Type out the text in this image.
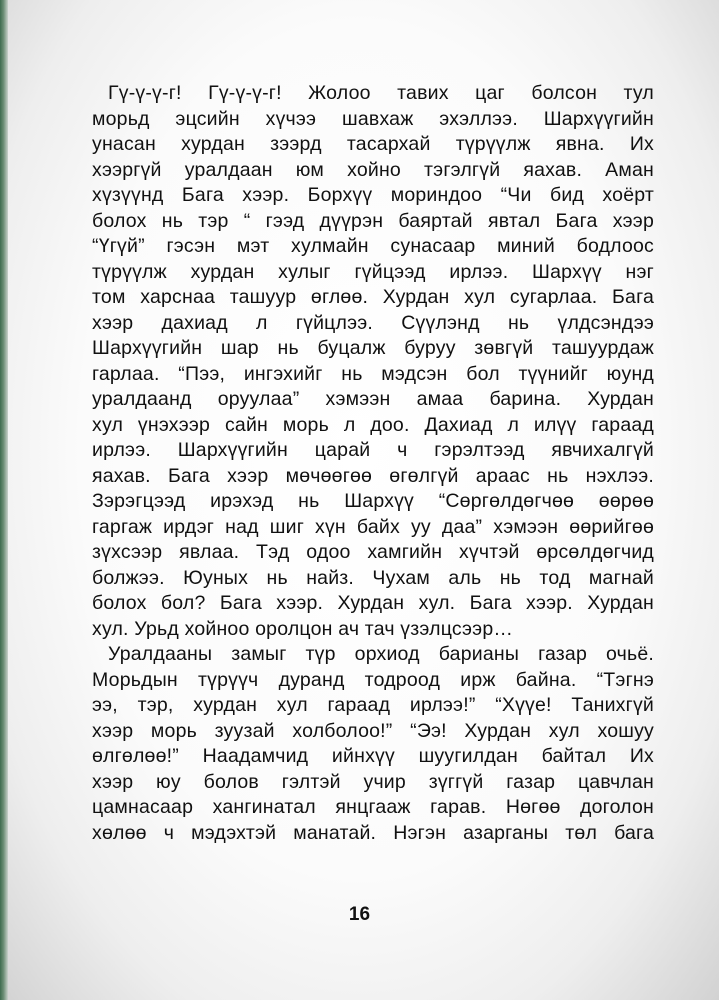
Гү-ү-ү-г! Гү-ү-ү-г! Жолоо тавих цаг болсон тул
морьд эцсийн хүчээ шавхаж эхэллээ. Шархүүгийн
унасан хурдан зээрд тасархай түрүүлж явна. Их
хээргүй уралдаан юм хойно тэгэлгүй яахав. Аман
хүзүүнд Бага хээр. Борхүү мориндоо “Чи бид хоёрт
болох нь тэр “ гээд дүүрэн баяртай явтал Бага хээр
“Үгүй” гэсэн мэт хулмайн сунасаар миний бодлоос
түрүүлж хурдан хулыг гүйцээд ирлээ. Шархүү нэг
том харснаа ташуур өглөө. Хурдан хул сугарлаа. Бага
хээр дахиад л гүйцлээ. Сүүлэнд нь үлдсэндээ
Шархүүгийн шар нь буцалж буруу зөвгүй ташуурдаж
гарлаа. “Пээ, ингэхийг нь мэдсэн бол түүнийг юунд
уралдаанд оруулаа” хэмээн амаа барина. Хурдан
хул үнэхээр сайн морь л доо. Дахиад л илүү гараад
ирлээ. Шархүүгийн царай ч гэрэлтээд явчихалгүй
яахав. Бага хээр мөчөөгөө өгөлгүй араас нь нэхлээ.
Зэрэгцээд ирэхэд нь Шархүү “Сөргөлдөгчөө өөрөө
гаргаж ирдэг над шиг хүн байх уу даа” хэмээн өөрийгөө
зүхсээр явлаа. Тэд одоо хамгийн хүчтэй өрсөлдөгчид
болжээ. Юуных нь найз. Чухам аль нь тод магнай
болох бол? Бага хээр. Хурдан хул. Бага хээр. Хурдан
хул. Урьд хойноо оролцон ач тач үзэлцсээр…
Уралдааны замыг түр орхиод барианы газар очьё.
Морьдын түрүүч дуранд тодроод ирж байна. “Тэгнэ
ээ, тэр, хурдан хул гараад ирлээ!” “Хүүе! Танихгүй
хээр морь зуузай холболоо!” “Ээ! Хурдан хул хошуу
өлгөлөө!” Наадамчид ийнхүү шуугилдан байтал Их
хээр юу болов гэлтэй учир зүггүй газар цавчлан
цамнасаар хангинатал янцгааж гарав. Нөгөө доголон
хөлөө ч мэдэхтэй манатай. Нэгэн азарганы төл бага
16
